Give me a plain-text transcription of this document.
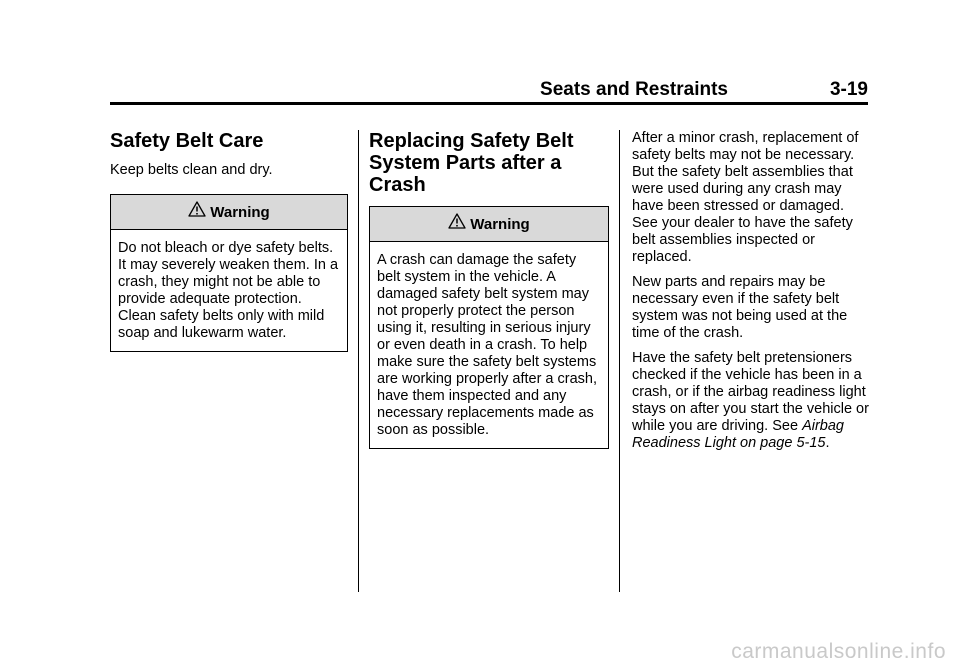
Seats and Restraints	3-19
Safety Belt Care

Keep belts clean and dry.

Warning
Do not bleach or dye safety belts. It may severely weaken them. In a crash, they might not be able to provide adequate protection. Clean safety belts only with mild soap and lukewarm water.
Replacing Safety Belt System Parts after a Crash
Warning
A crash can damage the safety belt system in the vehicle. A damaged safety belt system may not properly protect the person using it, resulting in serious injury or even death in a crash. To help make sure the safety belt systems are working properly after a crash, have them inspected and any necessary replacements made as soon as possible.

After a minor crash, replacement of safety belts may not be necessary. But the safety belt assemblies that were used during any crash may have been stressed or damaged. See your dealer to have the safety belt assemblies inspected or replaced.

New parts and repairs may be necessary even if the safety belt system was not being used at the time of the crash.

Have the safety belt pretensioners checked if the vehicle has been in a crash, or if the airbag readiness light stays on after you start the vehicle or while you are driving. See Airbag Readiness Light on page 5-15.

carmanualsonline.info
